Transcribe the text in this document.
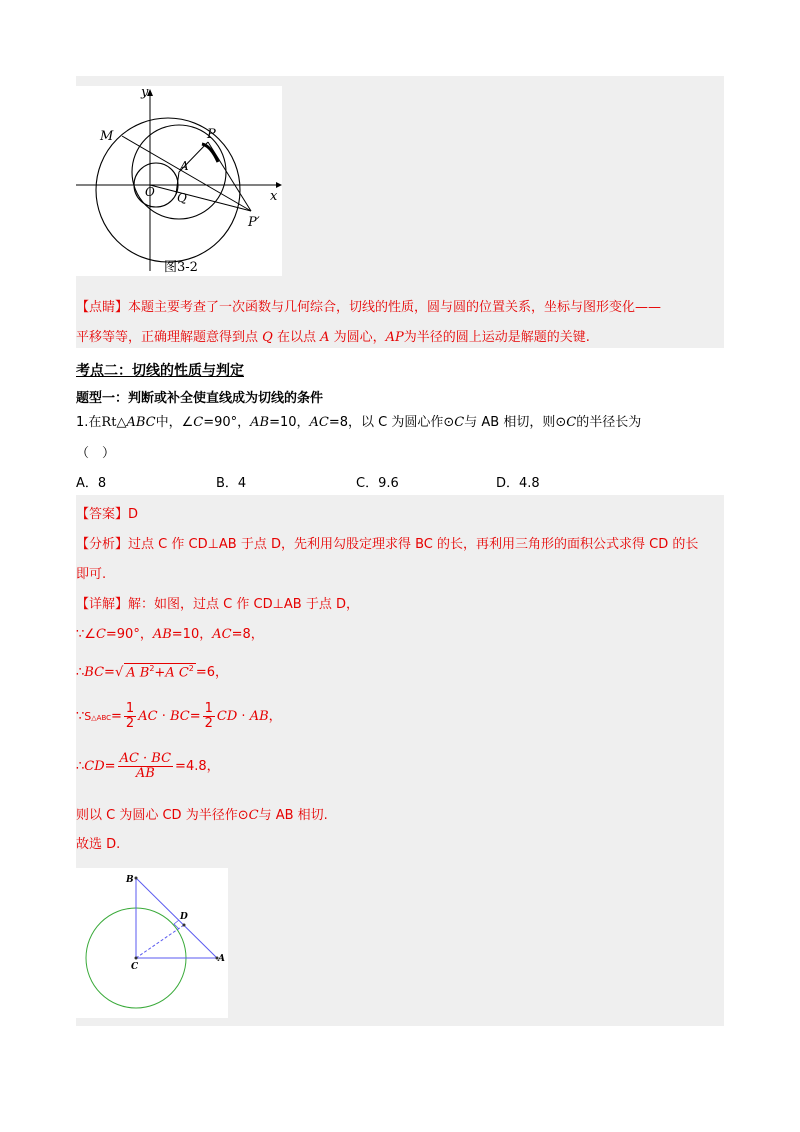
y
x
M	P
A
O Q
P′
图3-2
【点睛】本题主要考查了一次函数与几何综合，切线的性质，圆与圆的位置关系，坐标与图形变化——
平移等等，正确理解题意得到点 Q 在以点 A 为圆心，AP为半径的圆上运动是解题的关键.
考点二：切线的性质与判定
题型一：判断或补全使直线成为切线的条件
1.在Rt△ABC中，∠C=90°，AB=10，AC=8，以 C 为圆心作⊙C与 AB 相切，则⊙C的半径长为
（　）
A．8	B．4	C．9.6	D．4.8
【答案】D
【分析】过点 C 作 CD⊥AB 于点 D，先利用勾股定理求得 BC 的长，再利用三角形的面积公式求得 CD 的长
即可.
【详解】解：如图，过点 C 作 CD⊥AB 于点 D，
∵∠C=90°，AB=10，AC=8，
∴BC=√ A $B^2+A$ $C^2 =6$，
∵S△ABC= $\frac{1}{2}$ AC · $BC= \frac{1}{2}$ CD · AB，
∴CD= $\frac{AC \cdot BC}{AB} =4.8$，
则以 C 为圆心 CD 为半径作⊙C与 AB 相切.
故选 D.
B
D
C
A
